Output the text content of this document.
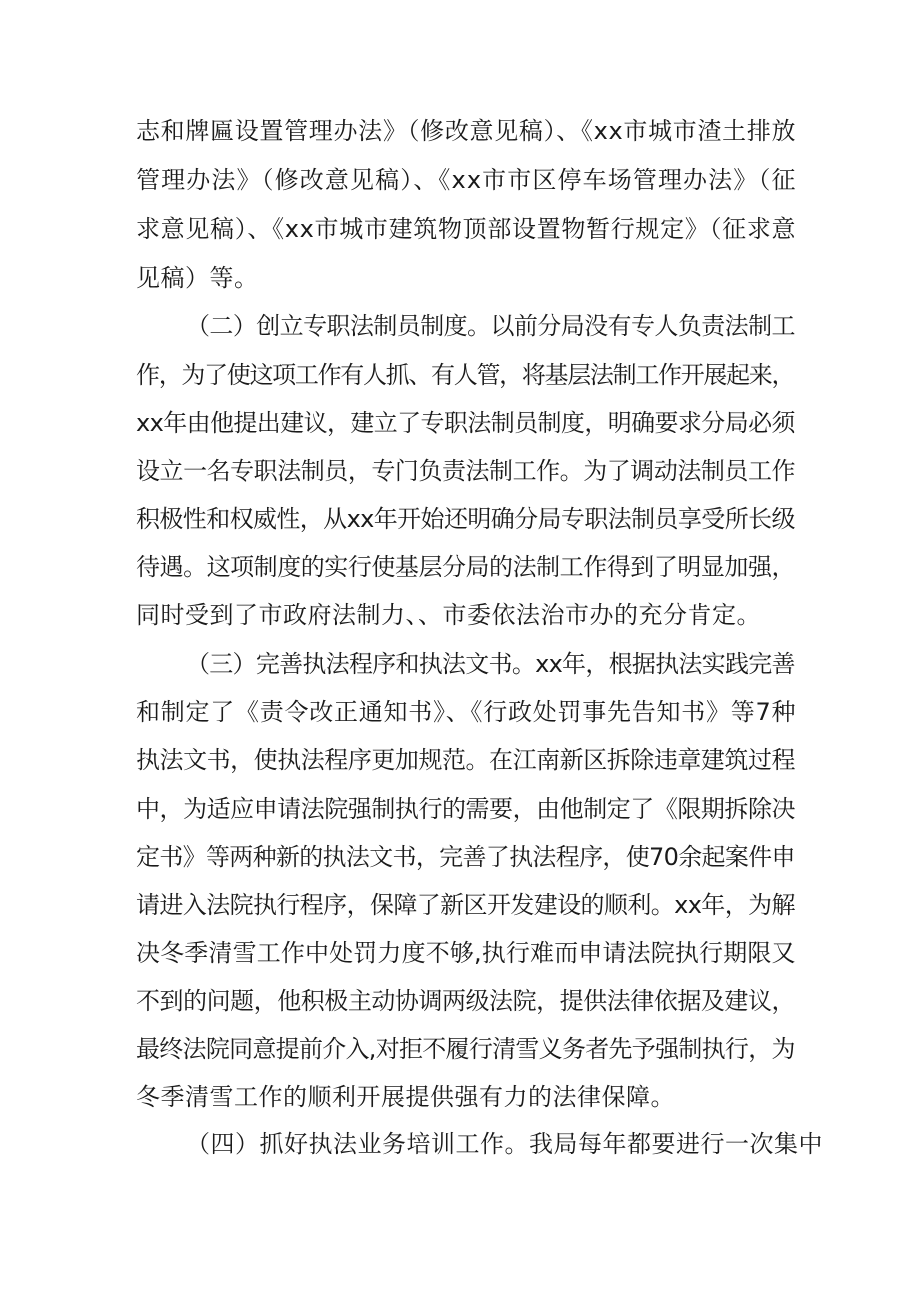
志和牌匾设置管理办法》（修改意见稿）、《xx市城市渣土排放
管理办法》（修改意见稿）、《xx市市区停车场管理办法》（征
求意见稿）、《xx市城市建筑物顶部设置物暂行规定》（征求意
见稿）等。
（二）创立专职法制员制度。以前分局没有专人负责法制工
作，为了使这项工作有人抓、有人管，将基层法制工作开展起来，
xx年由他提出建议，建立了专职法制员制度，明确要求分局必须
设立一名专职法制员，专门负责法制工作。为了调动法制员工作
积极性和权威性，从xx年开始还明确分局专职法制员享受所长级
待遇。这项制度的实行使基层分局的法制工作得到了明显加强，
同时受到了市政府法制力、、市委依法治市办的充分肯定。
（三）完善执法程序和执法文书。xx年，根据执法实践完善
和制定了《责令改正通知书》、《行政处罚事先告知书》等7种
执法文书，使执法程序更加规范。在江南新区拆除违章建筑过程
中，为适应申请法院强制执行的需要，由他制定了《限期拆除决
定书》等两种新的执法文书，完善了执法程序，使70余起案件申
请进入法院执行程序，保障了新区开发建设的顺利。xx年，为解
决冬季清雪工作中处罚力度不够,执行难而申请法院执行期限又
不到的问题，他积极主动协调两级法院，提供法律依据及建议，
最终法院同意提前介入,对拒不履行清雪义务者先予强制执行，为
冬季清雪工作的顺利开展提供强有力的法律保障。
（四）抓好执法业务培训工作。我局每年都要进行一次集中
